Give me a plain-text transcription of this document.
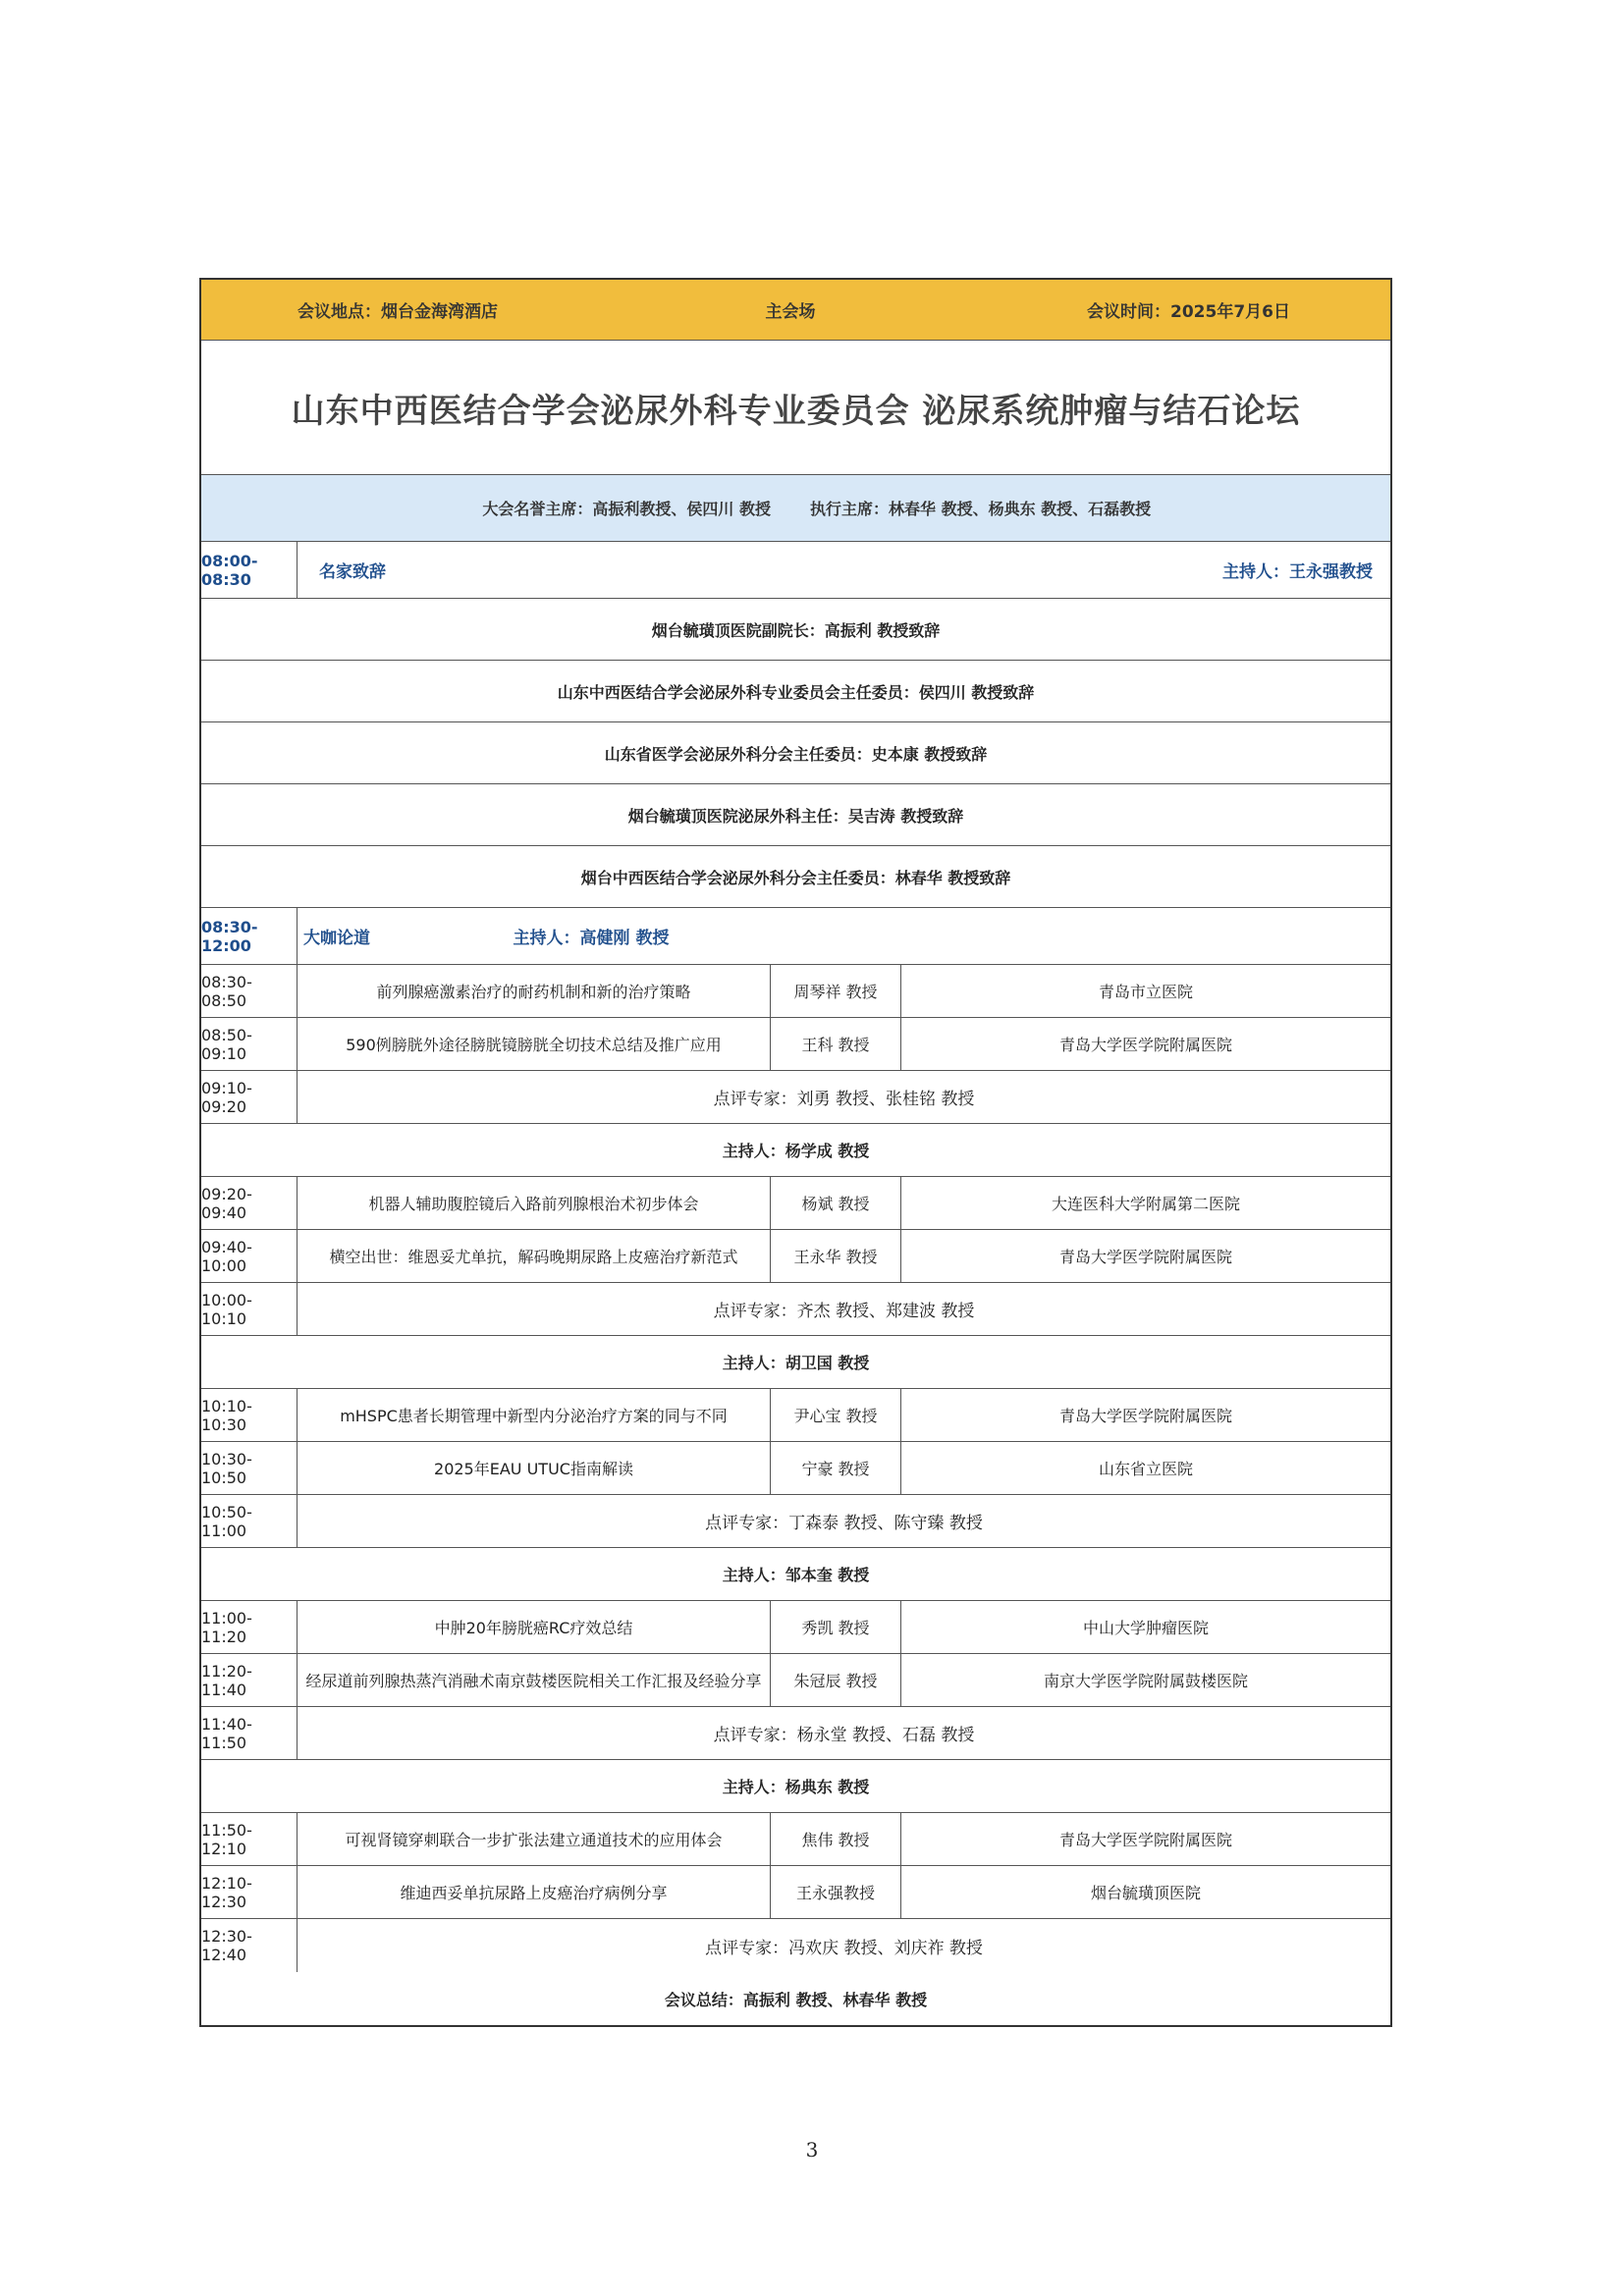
会议地点：烟台金海湾酒店	主会场	会议时间：2025年7月6日
山东中西医结合学会泌尿外科专业委员会 泌尿系统肿瘤与结石论坛
大会名誉主席：高振利教授、侯四川 教授	执行主席：林春华 教授、杨典东 教授、石磊教授
08:00-08:30	名家致辞	主持人：王永强教授
烟台毓璜顶医院副院长：高振利 教授致辞
山东中西医结合学会泌尿外科专业委员会主任委员：侯四川 教授致辞
山东省医学会泌尿外科分会主任委员：史本康 教授致辞
烟台毓璜顶医院泌尿外科主任：吴吉涛 教授致辞
烟台中西医结合学会泌尿外科分会主任委员：林春华 教授致辞
08:30-12:00	大咖论道	主持人：高健刚 教授
08:30-08:50	前列腺癌激素治疗的耐药机制和新的治疗策略	周琴祥 教授	青岛市立医院
08:50-09:10	590例膀胱外途径膀胱镜膀胱全切技术总结及推广应用	王科 教授	青岛大学医学院附属医院
09:10-09:20	点评专家：刘勇 教授、张桂铭 教授
主持人：杨学成 教授
09:20-09:40	机器人辅助腹腔镜后入路前列腺根治术初步体会	杨斌 教授	大连医科大学附属第二医院
09:40-10:00	横空出世：维恩妥尤单抗，解码晚期尿路上皮癌治疗新范式	王永华 教授	青岛大学医学院附属医院
10:00-10:10	点评专家：齐杰 教授、郑建波 教授
主持人：胡卫国 教授
10:10-10:30	mHSPC患者长期管理中新型内分泌治疗方案的同与不同	尹心宝 教授	青岛大学医学院附属医院
10:30-10:50	2025年EAU UTUC指南解读	宁豪 教授	山东省立医院
10:50-11:00	点评专家：丁森泰 教授、陈守臻 教授
主持人：邹本奎 教授
11:00-11:20	中肿20年膀胱癌RC疗效总结	秀凯 教授	中山大学肿瘤医院
11:20-11:40	经尿道前列腺热蒸汽消融术南京鼓楼医院相关工作汇报及经验分享	朱冠辰 教授	南京大学医学院附属鼓楼医院
11:40-11:50	点评专家：杨永堂 教授、石磊 教授
主持人：杨典东 教授
11:50-12:10	可视肾镜穿刺联合一步扩张法建立通道技术的应用体会	焦伟 教授	青岛大学医学院附属医院
12:10-12:30	维迪西妥单抗尿路上皮癌治疗病例分享	王永强教授	烟台毓璜顶医院
12:30-12:40	点评专家：冯欢庆 教授、刘庆祚 教授
会议总结：高振利 教授、林春华 教授
3
